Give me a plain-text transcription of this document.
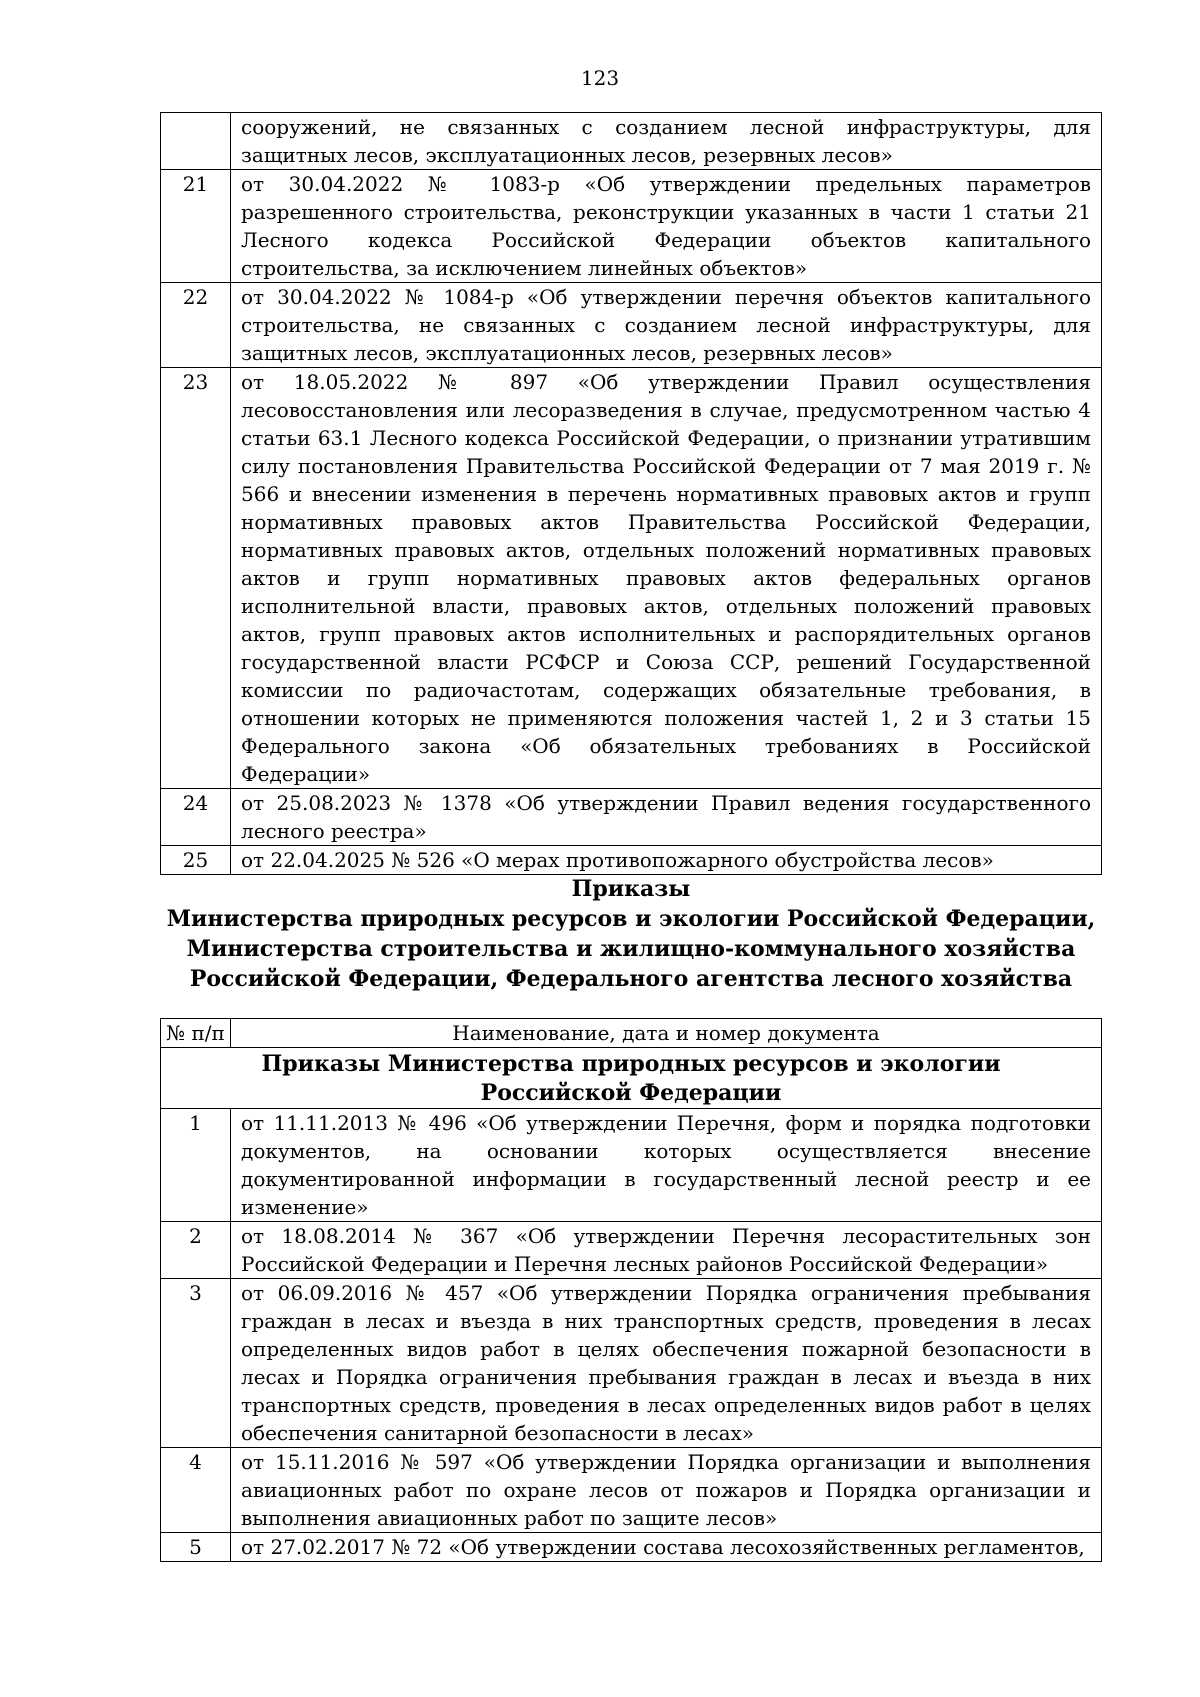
123
	сооружений, не связанных с созданием лесной инфраструктуры, для защитных лесов, эксплуатационных лесов, резервных лесов»
21	от 30.04.2022 № 1083-р «Об утверждении предельных параметров разрешенного строительства, реконструкции указанных в части 1 статьи 21 Лесного кодекса Российской Федерации объектов капитального строительства, за исключением линейных объектов»
22	от 30.04.2022 № 1084-р «Об утверждении перечня объектов капитального строительства, не связанных с созданием лесной инфраструктуры, для защитных лесов, эксплуатационных лесов, резервных лесов»
23	от 18.05.2022 № 897 «Об утверждении Правил осуществления лесовосстановления или лесоразведения в случае, предусмотренном частью 4 статьи 63.1 Лесного кодекса Российской Федерации, о признании утратившим силу постановления Правительства Российской Федерации от 7 мая 2019 г. № 566 и внесении изменения в перечень нормативных правовых актов и групп нормативных правовых актов Правительства Российской Федерации, нормативных правовых актов, отдельных положений нормативных правовых актов и групп нормативных правовых актов федеральных органов исполнительной власти, правовых актов, отдельных положений правовых актов, групп правовых актов исполнительных и распорядительных органов государственной власти РСФСР и Союза ССР, решений Государственной комиссии по радиочастотам, содержащих обязательные требования, в отношении которых не применяются положения частей 1, 2 и 3 статьи 15 Федерального закона «Об обязательных требованиях в Российской Федерации»
24	от 25.08.2023 № 1378 «Об утверждении Правил ведения государственного лесного реестра»
25	от 22.04.2025 № 526 «О мерах противопожарного обустройства лесов»
Приказы
Министерства природных ресурсов и экологии Российской Федерации,
Министерства строительства и жилищно-коммунального хозяйства
Российской Федерации, Федерального агентства лесного хозяйства
№ п/п	Наименование, дата и номер документа
Приказы Министерства природных ресурсов и экологии Российской Федерации	
1	от 11.11.2013 № 496 «Об утверждении Перечня, форм и порядка подготовки документов, на основании которых осуществляется внесение документированной информации в государственный лесной реестр и ее изменение»
2	от 18.08.2014 № 367 «Об утверждении Перечня лесорастительных зон Российской Федерации и Перечня лесных районов Российской Федерации»
3	от 06.09.2016 № 457 «Об утверждении Порядка ограничения пребывания граждан в лесах и въезда в них транспортных средств, проведения в лесах определенных видов работ в целях обеспечения пожарной безопасности в лесах и Порядка ограничения пребывания граждан в лесах и въезда в них транспортных средств, проведения в лесах определенных видов работ в целях обеспечения санитарной безопасности в лесах»
4	от 15.11.2016 № 597 «Об утверждении Порядка организации и выполнения авиационных работ по охране лесов от пожаров и Порядка организации и выполнения авиационных работ по защите лесов»
5	от 27.02.2017 № 72 «Об утверждении состава лесохозяйственных регламентов,
